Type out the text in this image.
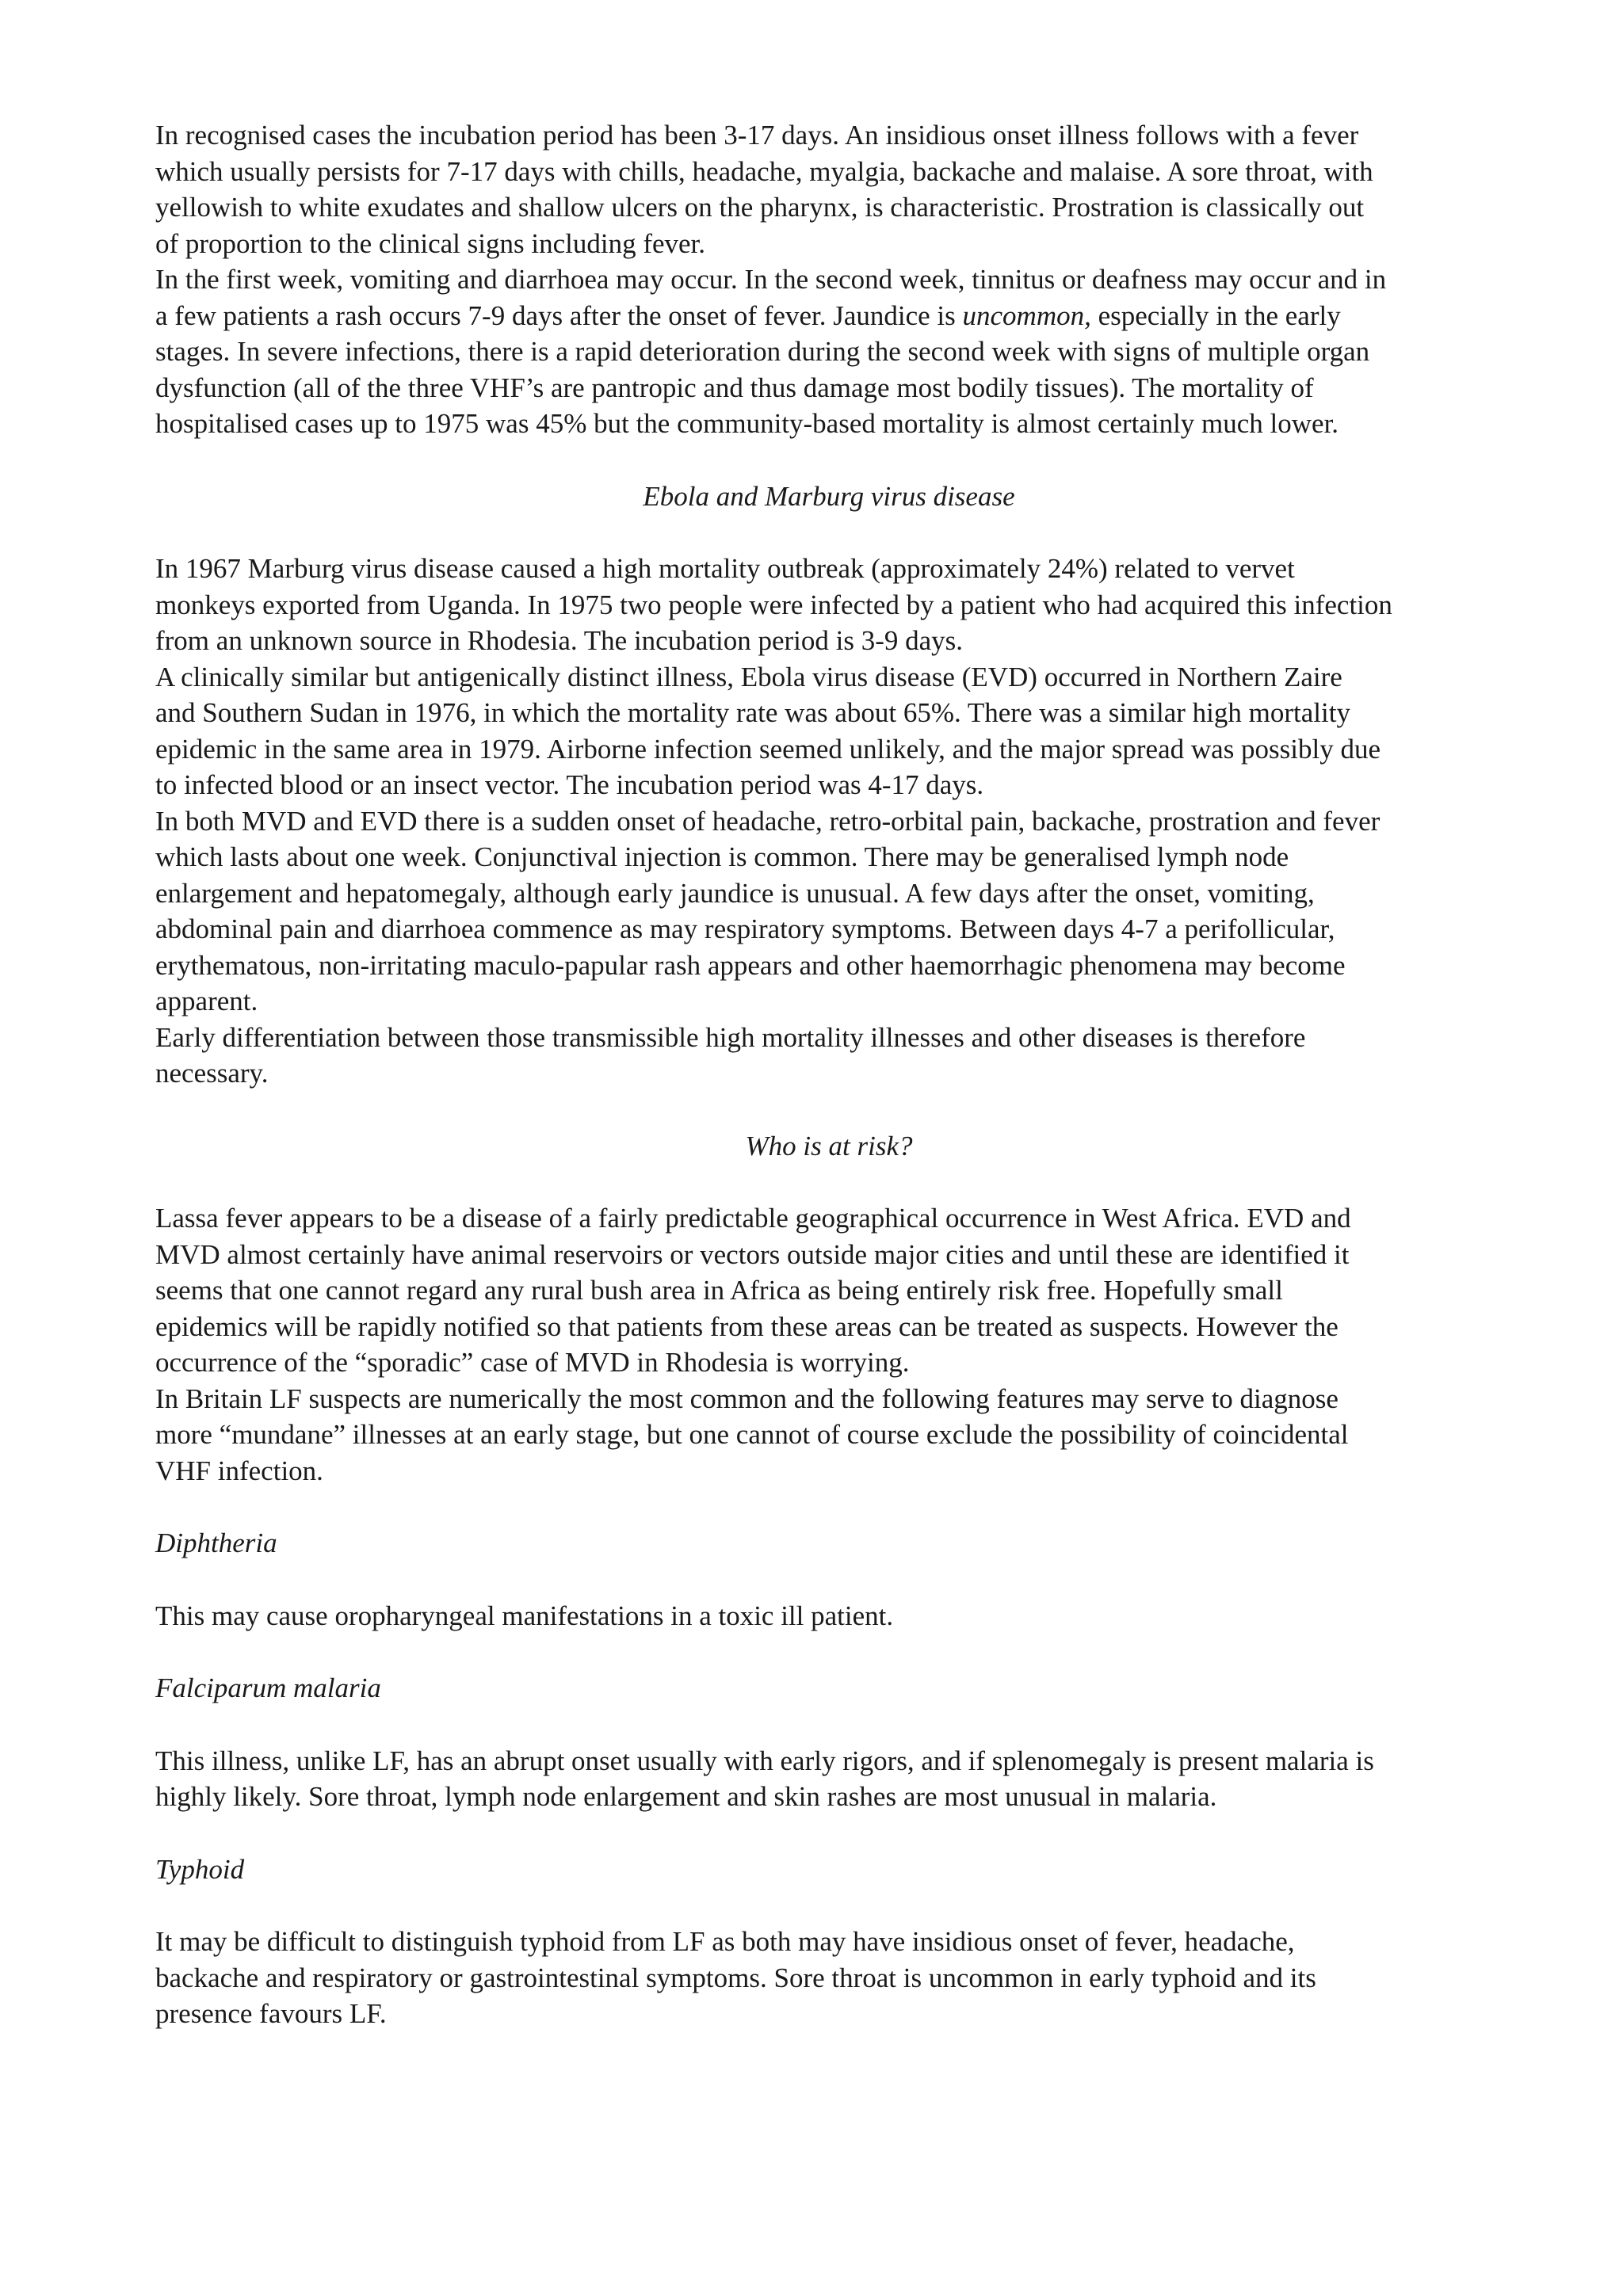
In recognised cases the incubation period has been 3-17 days. An insidious onset illness follows with a fever
which usually persists for 7-17 days with chills, headache, myalgia, backache and malaise. A sore throat, with
yellowish to white exudates and shallow ulcers on the pharynx, is characteristic. Prostration is classically out
of proportion to the clinical signs including fever.

In the first week, vomiting and diarrhoea may occur. In the second week, tinnitus or deafness may occur and in
a few patients a rash occurs 7-9 days after the onset of fever. Jaundice is uncommon, especially in the early
stages. In severe infections, there is a rapid deterioration during the second week with signs of multiple organ
dysfunction (all of the three VHF’s are pantropic and thus damage most bodily tissues). The mortality of
hospitalised cases up to 1975 was 45% but the community-based mortality is almost certainly much lower.

Ebola and Marburg virus disease

In 1967 Marburg virus disease caused a high mortality outbreak (approximately 24%) related to vervet
monkeys exported from Uganda. In 1975 two people were infected by a patient who had acquired this infection
from an unknown source in Rhodesia. The incubation period is 3-9 days.

A clinically similar but antigenically distinct illness, Ebola virus disease (EVD) occurred in Northern Zaire
and Southern Sudan in 1976, in which the mortality rate was about 65%. There was a similar high mortality
epidemic in the same area in 1979. Airborne infection seemed unlikely, and the major spread was possibly due
to infected blood or an insect vector. The incubation period was 4-17 days.

In both MVD and EVD there is a sudden onset of headache, retro-orbital pain, backache, prostration and fever
which lasts about one week. Conjunctival injection is common. There may be generalised lymph node
enlargement and hepatomegaly, although early jaundice is unusual. A few days after the onset, vomiting,
abdominal pain and diarrhoea commence as may respiratory symptoms. Between days 4-7 a perifollicular,
erythematous, non-irritating maculo-papular rash appears and other haemorrhagic phenomena may become
apparent.

Early differentiation between those transmissible high mortality illnesses and other diseases is therefore
necessary.

Who is at risk?

Lassa fever appears to be a disease of a fairly predictable geographical occurrence in West Africa. EVD and
MVD almost certainly have animal reservoirs or vectors outside major cities and until these are identified it
seems that one cannot regard any rural bush area in Africa as being entirely risk free. Hopefully small
epidemics will be rapidly notified so that patients from these areas can be treated as suspects. However the
occurrence of the “sporadic” case of MVD in Rhodesia is worrying.

In Britain LF suspects are numerically the most common and the following features may serve to diagnose
more “mundane” illnesses at an early stage, but one cannot of course exclude the possibility of coincidental
VHF infection.

Diphtheria

This may cause oropharyngeal manifestations in a toxic ill patient.

Falciparum malaria

This illness, unlike LF, has an abrupt onset usually with early rigors, and if splenomegaly is present malaria is
highly likely. Sore throat, lymph node enlargement and skin rashes are most unusual in malaria.

Typhoid

It may be difficult to distinguish typhoid from LF as both may have insidious onset of fever, headache,
backache and respiratory or gastrointestinal symptoms. Sore throat is uncommon in early typhoid and its
presence favours LF.
